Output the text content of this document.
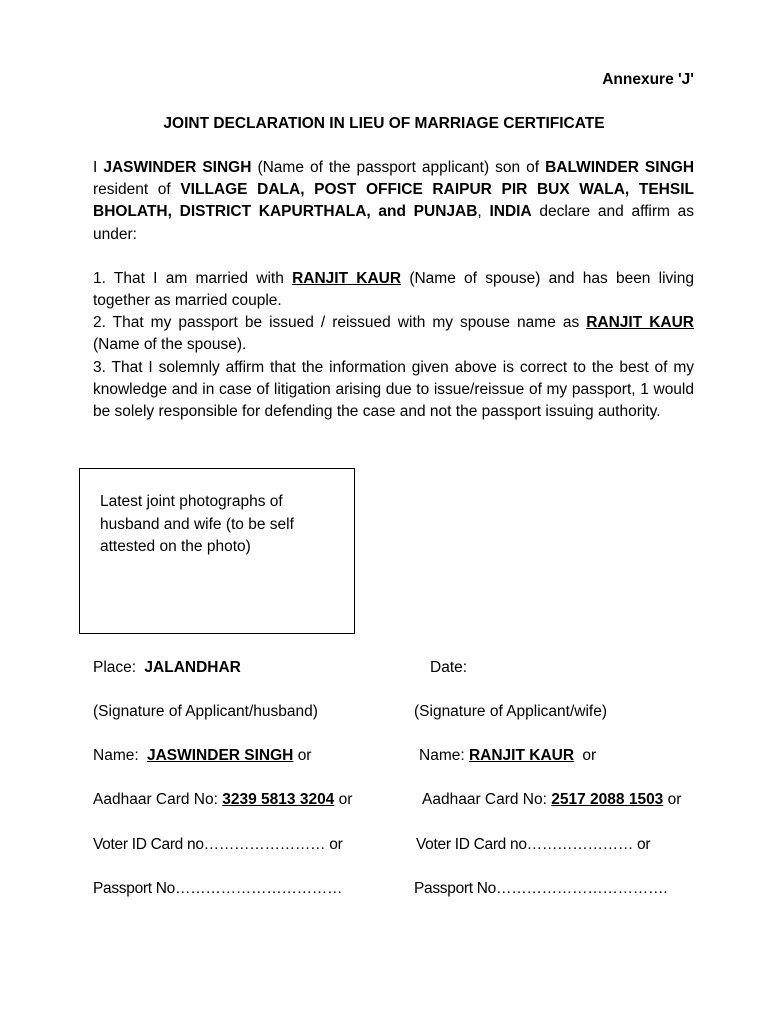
Annexure 'J'
JOINT DECLARATION IN LIEU OF MARRIAGE CERTIFICATE

I JASWINDER SINGH (Name of the passport applicant) son of BALWINDER SINGH resident of VILLAGE DALA, POST OFFICE RAIPUR PIR BUX WALA, TEHSIL BHOLATH, DISTRICT KAPURTHALA, and PUNJAB, INDIA declare and affirm as under:

1. That I am married with RANJIT KAUR (Name of spouse) and has been living together as married couple.

2. That my passport be issued / reissued with my spouse name as RANJIT KAUR (Name of the spouse).

3. That I solemnly affirm that the information given above is correct to the best of my knowledge and in case of litigation arising due to issue/reissue of my passport, 1 would be solely responsible for defending the case and not the passport issuing authority.

Latest joint photographs of husband and wife (to be self attested on the photo)
Place: JALANDHAR	Date:
(Signature of Applicant/husband)	(Signature of Applicant/wife)
Name: JASWINDER SINGH or	Name: RANJIT KAUR or
Aadhaar Card No: 3239 5813 3204 or	Aadhaar Card No: 2517 2088 1503 or
Voter ID Card no…………………… or	Voter ID Card no………………… or
Passport No……………………………	Passport No…………………………….
